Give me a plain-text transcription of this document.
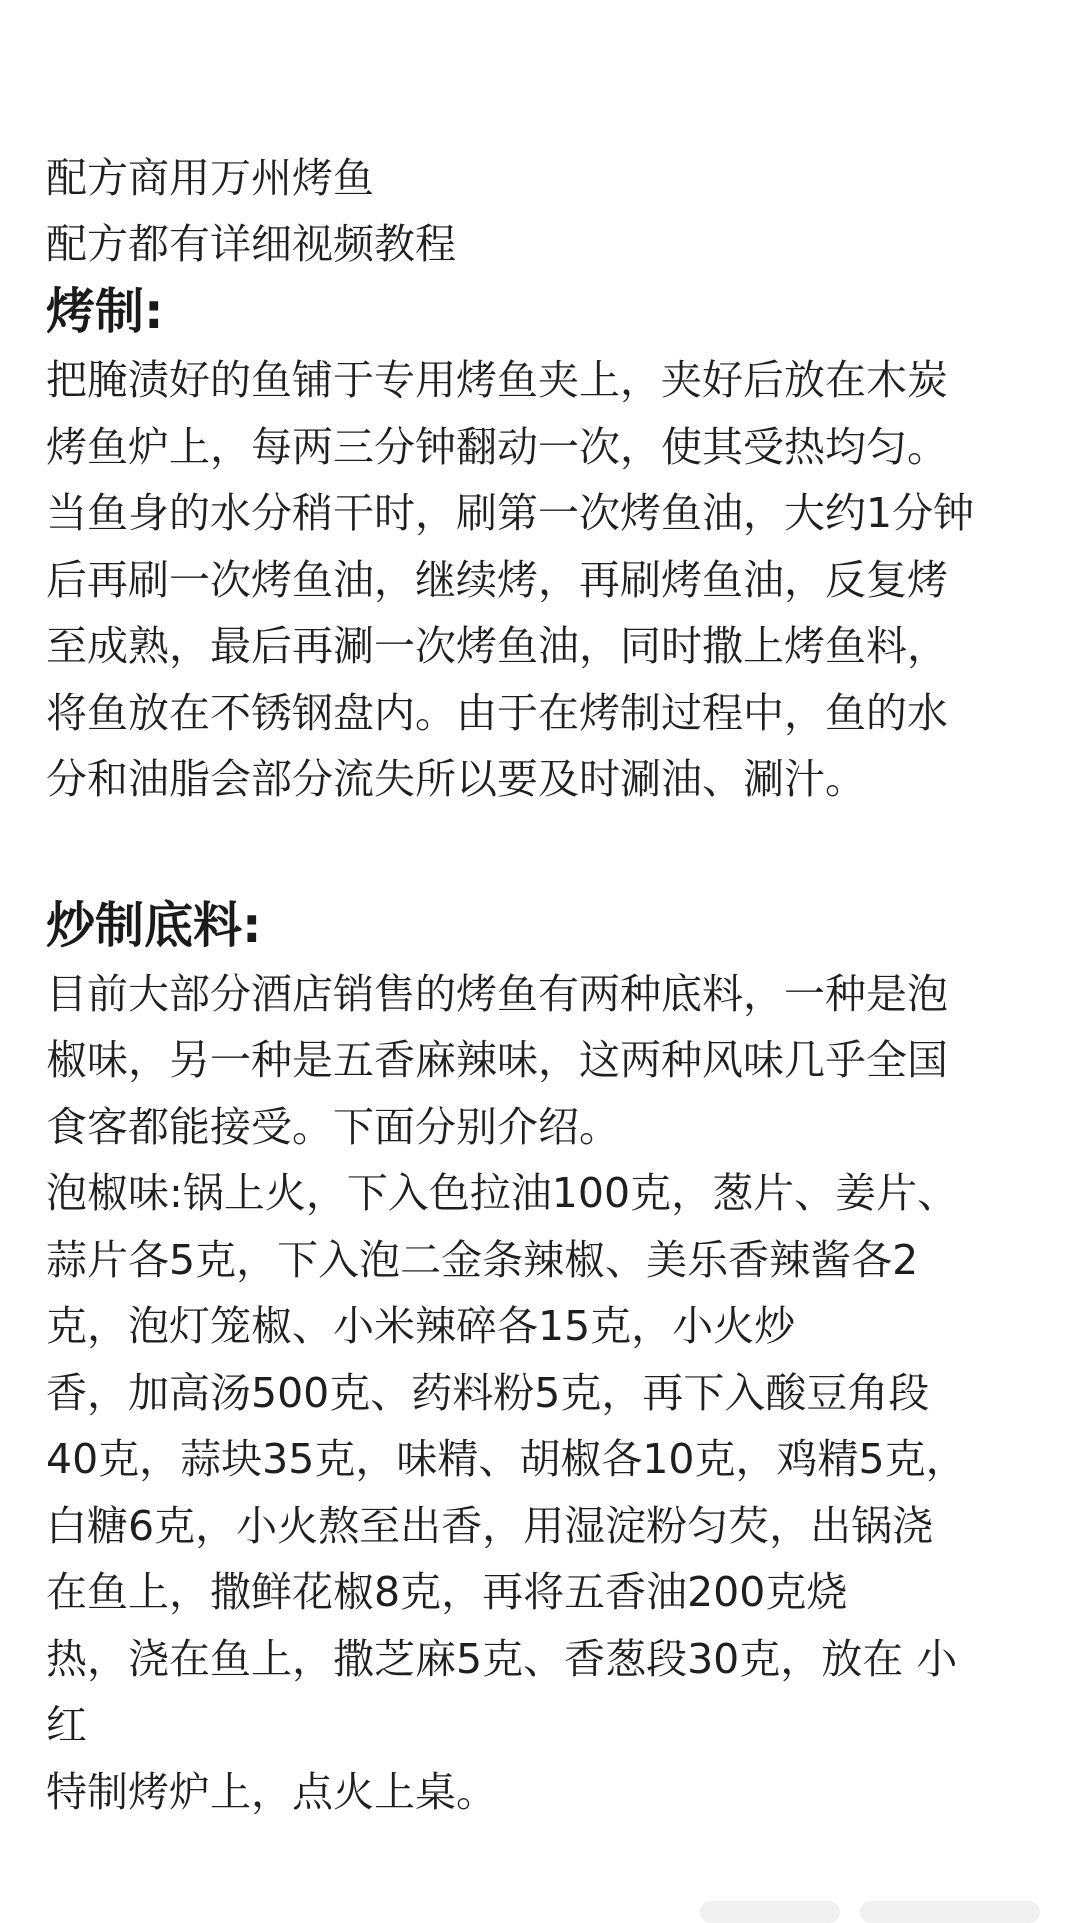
配方商用万州烤鱼
配方都有详细视频教程
烤制:
把腌渍好的鱼铺于专用烤鱼夹上，夹好后放在木炭
烤鱼炉上，每两三分钟翻动一次，使其受热均匀。
当鱼身的水分稍干时，刷第一次烤鱼油，大约1分钟
后再刷一次烤鱼油，继续烤，再刷烤鱼油，反复烤
至成熟，最后再涮一次烤鱼油，同时撒上烤鱼料，
将鱼放在不锈钢盘内。由于在烤制过程中，鱼的水
分和油脂会部分流失所以要及时涮油、涮汁。
炒制底料:
目前大部分酒店销售的烤鱼有两种底料，一种是泡
椒味，另一种是五香麻辣味，这两种风味几乎全国
食客都能接受。下面分别介绍。
泡椒味:锅上火，下入色拉油100克，葱片、姜片、
蒜片各5克，下入泡二金条辣椒、美乐香辣酱各2
克，泡灯笼椒、小米辣碎各15克，小火炒
香，加高汤500克、药料粉5克，再下入酸豆角段
40克，蒜块35克，味精、胡椒各10克，鸡精5克，
白糖6克，小火熬至出香，用湿淀粉匀芡，出锅浇
在鱼上，撒鲜花椒8克，再将五香油200克烧
热，浇在鱼上，撒芝麻5克、香葱段30克，放在 小
红
特制烤炉上，点火上桌。
